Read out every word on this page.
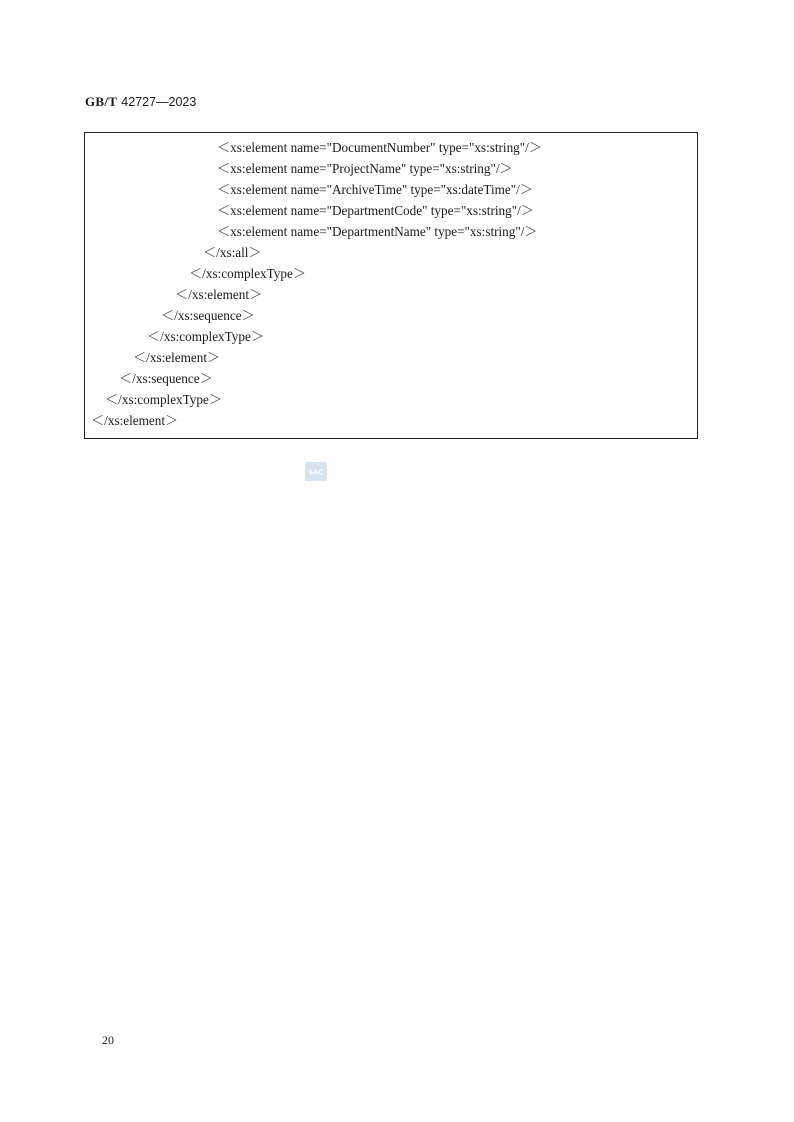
GB/T 42727—2023
＜xs:element name="DocumentNumber" type="xs:string"/＞
＜xs:element name="ProjectName" type="xs:string"/＞
＜xs:element name="ArchiveTime" type="xs:dateTime"/＞
＜xs:element name="DepartmentCode" type="xs:string"/＞
＜xs:element name="DepartmentName" type="xs:string"/＞
＜/xs:all＞
＜/xs:complexType＞
＜/xs:element＞
＜/xs:sequence＞
＜/xs:complexType＞
＜/xs:element＞
＜/xs:sequence＞
＜/xs:complexType＞
＜/xs:element＞
SAC
20
